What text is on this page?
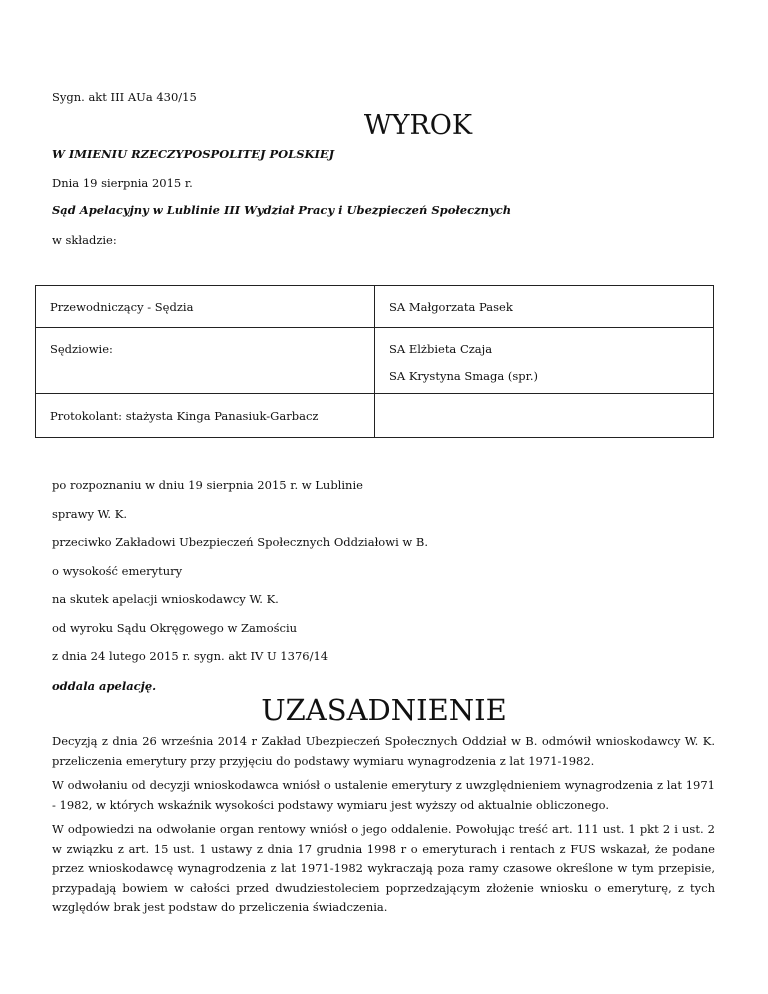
Sygn. akt III AUa 430/15

WYROK

W IMIENIU RZECZYPOSPOLITEJ POLSKIEJ

Dnia 19 sierpnia 2015 r.

Sąd Apelacyjny w Lublinie III Wydział Pracy i Ubezpieczeń Społecznych

w składzie:

Przewodniczący - Sędzia	SA Małgorzata Pasek

Sędziowie:	SA Elżbieta Czaja
SA Krystyna Smaga (spr.)

Protokolant: stażysta Kinga Panasiuk-Garbacz	

po rozpoznaniu w dniu 19 sierpnia 2015 r. w Lublinie

sprawy W. K.

przeciwko Zakładowi Ubezpieczeń Społecznych Oddziałowi w B.

o wysokość emerytury

na skutek apelacji wnioskodawcy W. K.

od wyroku Sądu Okręgowego w Zamościu

z dnia 24 lutego 2015 r. sygn. akt IV U 1376/14

oddala apelację.

UZASADNIENIE

Decyzją z dnia 26 września 2014 r Zakład Ubezpieczeń Społecznych Oddział w B. odmówił wnioskodawcy W. K. przeliczenia emerytury przy przyjęciu do podstawy wymiaru wynagrodzenia z lat 1971-1982.

W odwołaniu od decyzji wnioskodawca wniósł o ustalenie emerytury z uwzględnieniem wynagrodzenia z lat 1971 - 1982, w których wskaźnik wysokości podstawy wymiaru jest wyższy od aktualnie obliczonego.

W odpowiedzi na odwołanie organ rentowy wniósł o jego oddalenie. Powołując treść art. 111 ust. 1 pkt 2 i ust. 2 w związku z art. 15 ust. 1 ustawy z dnia 17 grudnia 1998 r o emeryturach i rentach z FUS wskazał, że podane przez wnioskodawcę wynagrodzenia z lat 1971-1982 wykraczają poza ramy czasowe określone w tym przepisie, przypadają bowiem w całości przed dwudziestoleciem poprzedzającym złożenie wniosku o emeryturę, z tych względów brak jest podstaw do przeliczenia świadczenia.
